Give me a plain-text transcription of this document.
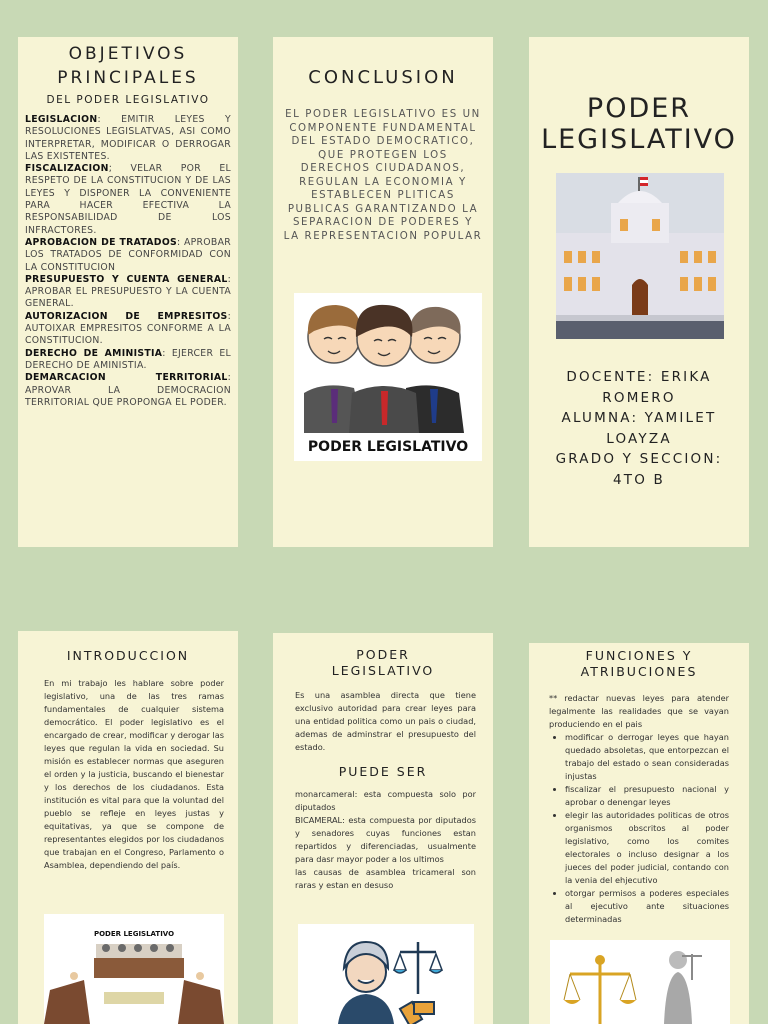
OBJETIVOS
PRINCIPALES
DEL PODER LEGISLATIVO
LEGISLACION: EMITIR LEYES Y RESOLUCIONES LEGISLATVAS, ASI COMO INTERPRETAR, MODIFICAR O DERROGAR LAS EXISTENTES.
FISCALIZACION; VELAR POR EL RESPETO DE LA CONSTITUCION Y DE LAS LEYES Y DISPONER LA CONVENIENTE PARA HACER EFECTIVA LA RESPONSABILIDAD DE LOS INFRACTORES.
APROBACION DE TRATADOS: APROBAR LOS TRATADOS DE CONFORMIDAD CON LA CONSTITUCION
PRESUPUESTO Y CUENTA GENERAL: APROBAR EL PRESUPUESTO Y LA CUENTA GENERAL.
AUTORIZACION DE EMPRESITOS: AUTOIXAR EMPRESITOS CONFORME A LA CONSTITUCION.
DERECHO DE AMINISTIA: EJERCER EL DERECHO DE AMINISTIA.
DEMARCACION TERRITORIAL: APROVAR LA DEMOCRACION TERRITORIAL QUE PROPONGA EL PODER.
CONCLUSION
EL PODER LEGISLATIVO ES UN COMPONENTE FUNDAMENTAL DEL ESTADO DEMOCRATICO, QUE PROTEGEN LOS DERECHOS CIUDADANOS, REGULAN LA ECONOMIA Y ESTABLECEN PLITICAS PUBLICAS GARANTIZANDO LA SEPARACION DE PODERES Y LA REPRESENTACION POPULAR
PODER LEGISLATIVO
PODER
LEGISLATIVO
DOCENTE: ERIKA
ROMERO
ALUMNA: YAMILET
LOAYZA
GRADO Y SECCION:
4TO B
INTRODUCCION
En mi trabajo les hablare sobre poder legislativo, una de las tres ramas fundamentales de cualquier sistema democrático. El poder legislativo es el encargado de crear, modificar y derogar las leyes que regulan la vida en sociedad. Su misión es establecer normas que aseguren el orden y la justicia, buscando el bienestar y los derechos de los ciudadanos. Esta institución es vital para que la voluntad del pueblo se refleje en leyes justas y equitativas, ya que se compone de representantes elegidos por los ciudadanos que trabajan en el Congreso, Parlamento o Asamblea, dependiendo del país.
PODER LEGISLATIVO
PODER
LEGISLATIVO
Es una asamblea directa que tiene exclusivo autoridad para crear leyes para una entidad politica como un pais o ciudad, ademas de adminstrar el presupuesto del estado.
PUEDE SER
monarcameral: esta compuesta solo por diputados
BICAMERAL: esta compuesta por diputados y senadores cuyas funciones estan repartidos y diferenciadas, usualmente para dasr mayor poder a los ultimos
las causas de asamblea tricameral son raras y estan en desuso
FUNCIONES Y
ATRIBUCIONES
** redactar nuevas leyes para atender legalmente las realidades que se vayan produciendo en el pais
• modificar o derrogar leyes que hayan quedado absoletas, que entorpezcan el trabajo del estado o sean consideradas injustas
• fiscalizar el presupuesto nacional y aprobar o denengar leyes
• elegir las autoridades politicas de otros organismos obscritos al poder legislativo, como los comites electorales o incluso designar a los jueces del poder judicial, contando con la venia del ehjecutivo
• otorgar permisos a poderes especiales al ejecutivo ante situaciones determinadas
